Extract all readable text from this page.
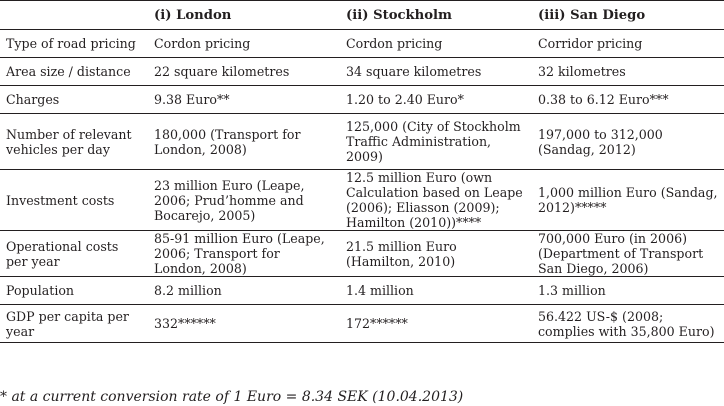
	(i) London	(ii) Stockholm	(iii) San Diego
Type of road pricing	Cordon pricing	Cordon pricing	Corridor pricing
Area size / distance	22 square kilometres	34 square kilometres	32 kilometres
Charges	9.38 Euro**	1.20 to 2.40 Euro*	0.38 to 6.12 Euro***
Number of relevant vehicles per day	180,000 (Transport for London, 2008)	125,000 (City of Stockholm Traffic Administration, 2009)	197,000 to 312,000 (Sandag, 2012)
Investment costs	23 million Euro (Leape, 2006; Prud’homme and Bocarejo, 2005)	12.5 million Euro (own Calculation based on Leape (2006); Eliasson (2009); Hamilton (2010))****	1,000 million Euro (Sandag, 2012)*****
Operational costs per year	85-91 million Euro (Leape, 2006; Transport for London, 2008)	21.5 million Euro (Hamilton, 2010)	700,000 Euro (in 2006) (Department of Transport San Diego, 2006)
Population	8.2 million	1.4 million	1.3 million
GDP per capita per year	332******	172******	56.422 US-$ (2008; complies with 35,800 Euro)
* at a current conversion rate of 1 Euro = 8.34 SEK (10.04.2013)
